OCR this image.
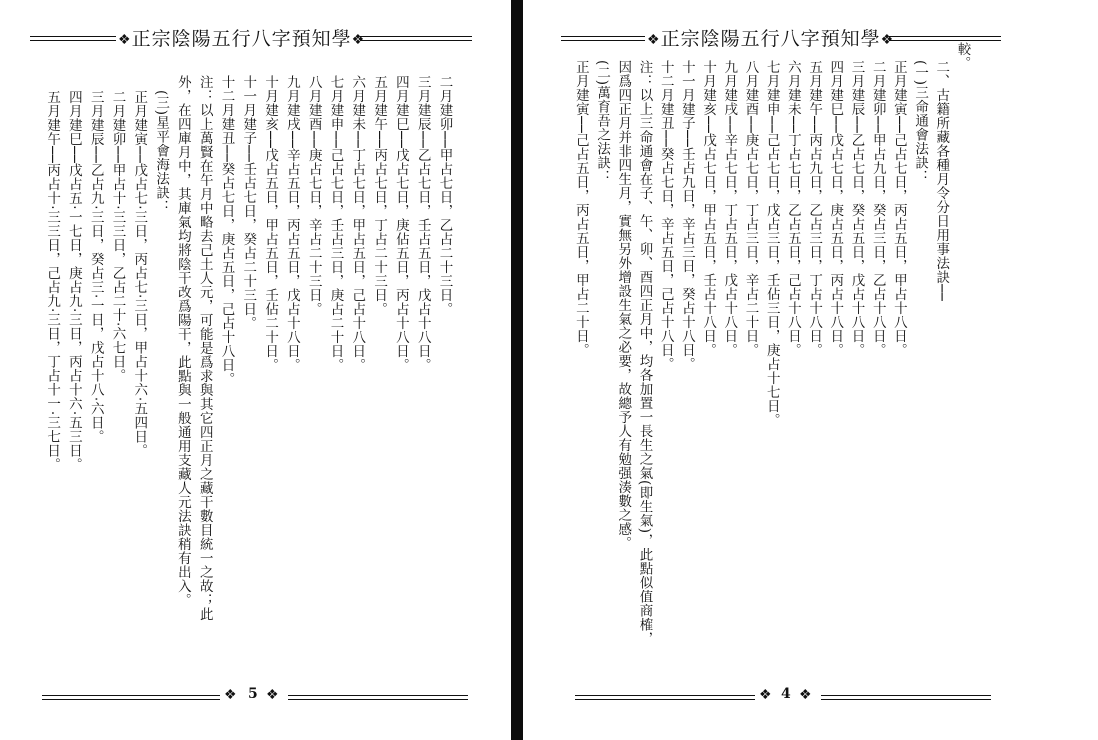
❖正宗陰陽五行八字預知學❖
二月建卯──甲占七日，乙占二十三日。
三月建辰──乙占七日，壬占五日，戊占十八日。
四月建巳──戊占七日，庚佔五日，丙占十八日。
五月建午──丙占七日，丁占二十三日。
六月建未──丁占七日，甲占五日，己占十八日。
七月建申──己占七日，壬占三日，庚占二十日。
八月建酉──庚占七日，辛占二十三日。
九月建戌──辛占五日，丙占五日，戊占十八日。
十月建亥──戊占五日，甲占五日，壬佔二十日。
十一月建子──壬占七日，癸占二十三日。
十二月建丑──癸占七日，庚占五日，己占十八日。
注：以上萬賢在午月中略去己土人元，可能是爲求與其它四正月之藏干數目統一之故；此
外，在四庫月中，其庫氣均將陰干改爲陽干，此點與一般通用支藏人元法訣稍有出入。
(三)星平會海法訣：
正月建寅──戊占七‧三日，丙占七‧三日，甲占十六‧五四日。
二月建卯──甲占十‧三三日，乙占二十‧六七日。
三月建辰──乙占九‧三日，癸占三‧一日，戊占十八‧六日。
四月建巳──戊占五‧一七日，庚占九‧三日，丙占十六‧五三日。
五月建午──丙占十‧三三日，己占九‧三日，丁占十一‧三七日。
❖ 5 ❖
❖正宗陰陽五行八字預知學❖
較。
二、古籍所藏各種月令分日用事法訣──
(一)三命通會法訣：
正月建寅──己占七日，丙占五日，甲占十八日。
二月建卯──甲占九日，癸占三日，乙占十八日。
三月建辰──乙占七日，癸占五日，戊占十八日。
四月建巳──戊占七日，庚占五日，丙占十八日。
五月建午──丙占九日，乙占三日，丁占十八日。
六月建未──丁占七日，乙占五日，己占十八日。
七月建申──己占七日，戊占三日，壬佔三日，庚占十七日。
八月建酉──庚占七日，丁占三日，辛占二十日。
九月建戌──辛占七日，丁占五日，戊占十八日。
十月建亥──戊占七日，甲占五日，壬占十八日。
十一月建子──壬占九日，辛占三日，癸占十八日。
十二月建丑──癸占七日，辛占五日，己占十八日。
注：以上三命通會在子、午、卯、酉四正月中，均各加置一長生之氣(即生氣)，此點似值商榷，
因爲四正月并非四生月，實無另外增設生氣之必要，故總予人有勉强湊數之感。
(二)萬育吾之法訣：
正月建寅──己占五日，丙占五日，甲占二十日。
❖ 4 ❖
